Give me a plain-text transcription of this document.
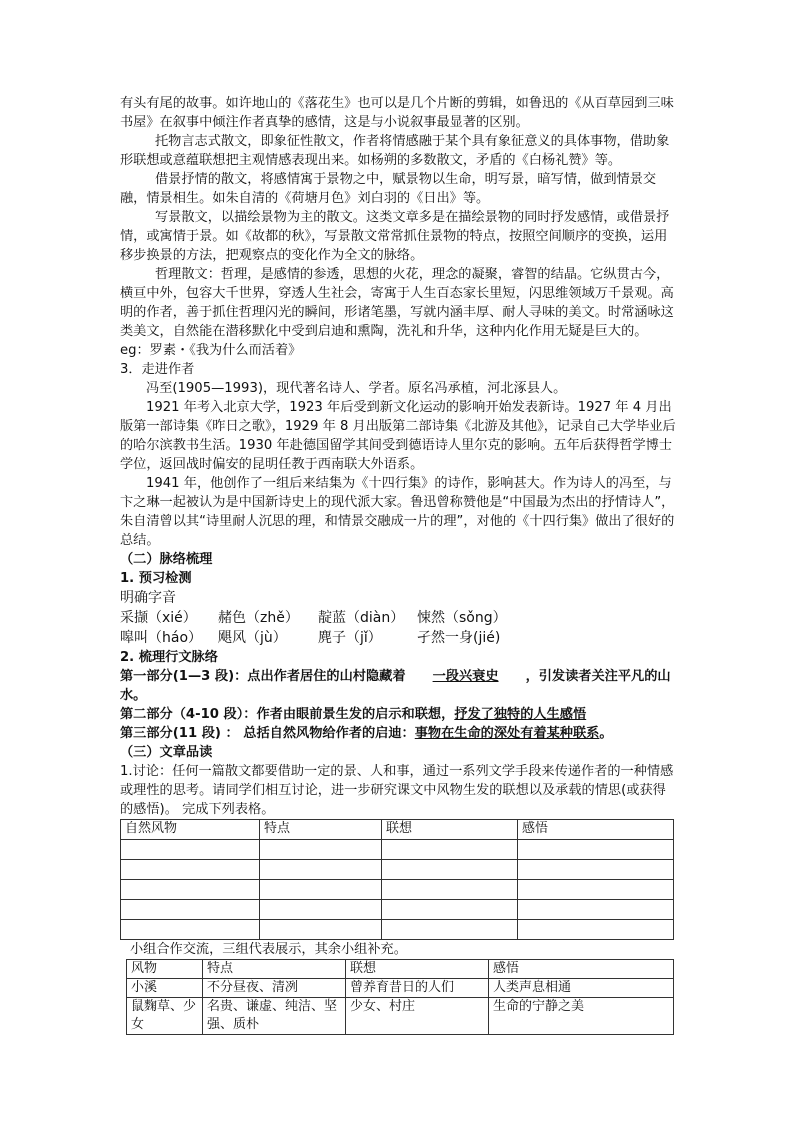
有头有尾的故事。如许地山的《落花生》也可以是几个片断的剪辑，如鲁迅的《从百草园到三味书屋》在叙事中倾注作者真挚的感情，这是与小说叙事最显著的区别。

托物言志式散文，即象征性散文，作者将情感融于某个具有象征意义的具体事物，借助象形联想或意蕴联想把主观情感表现出来。如杨朔的多数散文，矛盾的《白杨礼赞》等。

借景抒情的散文，将感情寓于景物之中，赋景物以生命，明写景，暗写情，做到情景交融，情景相生。如朱自清的《荷塘月色》刘白羽的《日出》等。

写景散文，以描绘景物为主的散文。这类文章多是在描绘景物的同时抒发感情，或借景抒情，或寓情于景。如《故都的秋》，写景散文常常抓住景物的特点，按照空间顺序的变换，运用移步换景的方法，把观察点的变化作为全文的脉络。

哲理散文：哲理，是感情的参透，思想的火花，理念的凝聚，睿智的结晶。它纵贯古今，横亘中外，包容大千世界，穿透人生社会，寄寓于人生百态家长里短，闪思维领域万千景观。高明的作者，善于抓住哲理闪光的瞬间，形诸笔墨，写就内涵丰厚、耐人寻味的美文。时常涵咏这类美文，自然能在潜移默化中受到启迪和熏陶，洗礼和升华，这种内化作用无疑是巨大的。eg：罗素・《我为什么而活着》

3．走进作者

冯至(1905—1993)，现代著名诗人、学者。原名冯承植，河北涿县人。

1921 年考入北京大学，1923 年后受到新文化运动的影响开始发表新诗。1927 年 4 月出版第一部诗集《昨日之歌》，1929 年 8 月出版第二部诗集《北游及其他》，记录自己大学毕业后的哈尔滨教书生活。1930 年赴德国留学其间受到德语诗人里尔克的影响。五年后获得哲学博士学位，返回战时偏安的昆明任教于西南联大外语系。

1941 年，他创作了一组后来结集为《十四行集》的诗作，影响甚大。作为诗人的冯至，与卞之琳一起被认为是中国新诗史上的现代派大家。鲁迅曾称赞他是“中国最为杰出的抒情诗人”，朱自清曾以其“诗里耐人沉思的理，和情景交融成一片的理”，对他的《十四行集》做出了很好的总结。

（二）脉络梳理

1. 预习检测

明确字音

采撷（xié）	赭色（zhě）	靛蓝（diàn） 悚然（sǒng）
嗥叫（háo）	飓风（jù）	麂子（jǐ）	孑然一身(jié)

2. 梳理行文脉络

第一部分(1—3 段)：点出作者居住的山村隐藏着 一段兴衰史 ，引发读者关注平凡的山水。

第二部分（4-10 段）：作者由眼前景生发的启示和联想，抒发了独特的人生感悟

第三部分(11 段) ： 总括自然风物给作者的启迪：事物在生命的深处有着某种联系。

（三）文章品读

1.讨论：任何一篇散文都要借助一定的景、人和事，通过一系列文学手段来传递作者的一种情感或理性的思考。请同学们相互讨论，进一步研究课文中风物生发的联想以及承载的情思(或获得的感悟)。 完成下列表格。

自然风物	特点	联想	感悟

小组合作交流，三组代表展示，其余小组补充。

风物	特点	联想	感悟
小溪	不分昼夜、清冽	曾养育昔日的人们	人类声息相通
鼠麴草、少女	名贵、谦虚、纯洁、坚强、质朴	少女、村庄	生命的宁静之美
